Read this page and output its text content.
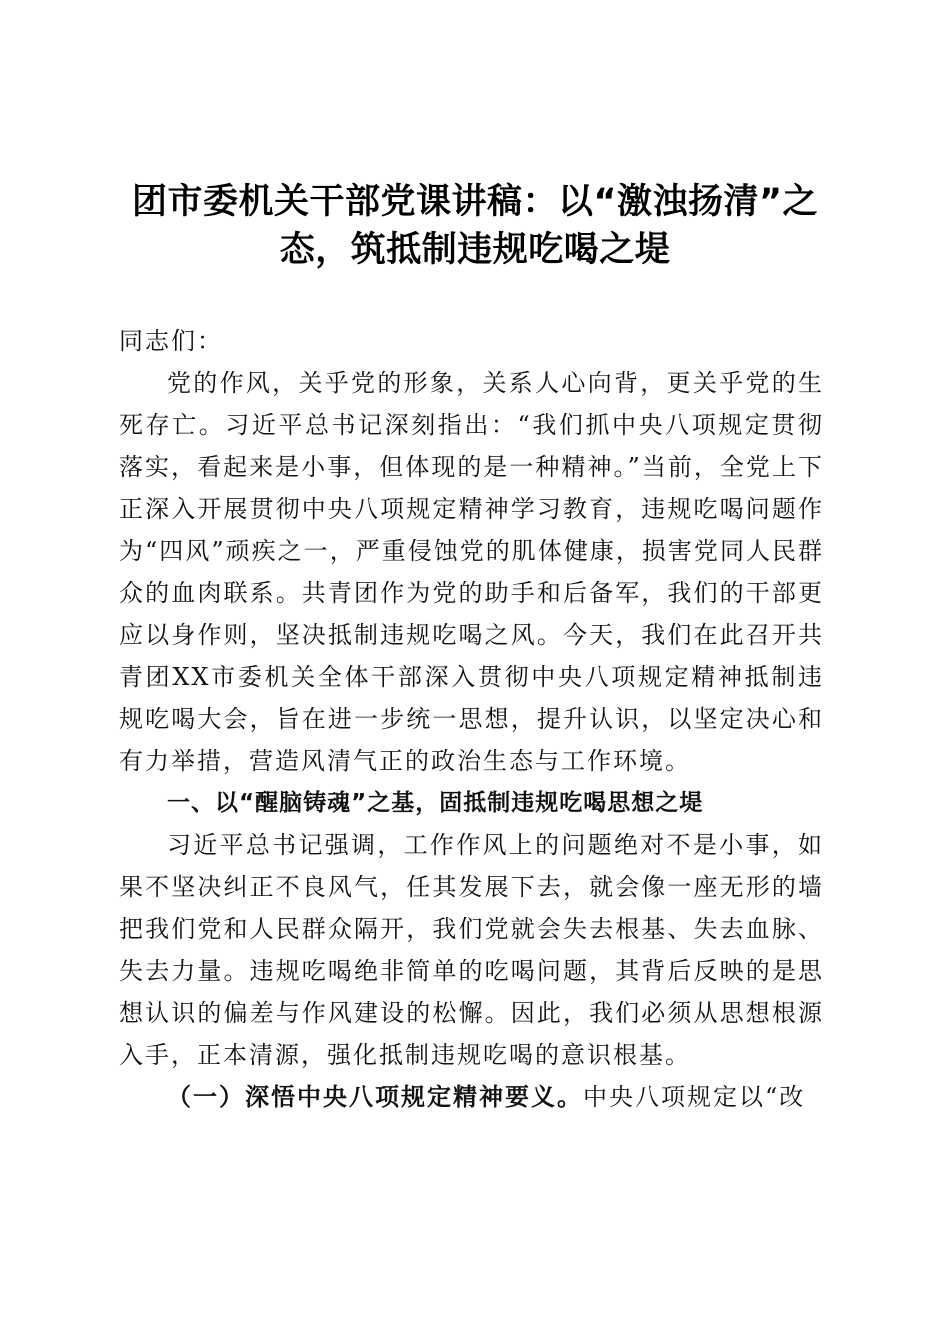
团市委机关干部党课讲稿：以“激浊扬清”之
态，筑抵制违规吃喝之堤

同志们：

党的作风，关乎党的形象，关系人心向背，更关乎党的生死存亡。习近平总书记深刻指出：“我们抓中央八项规定贯彻落实，看起来是小事，但体现的是一种精神。”当前，全党上下正深入开展贯彻中央八项规定精神学习教育，违规吃喝问题作为“四风”顽疾之一，严重侵蚀党的肌体健康，损害党同人民群众的血肉联系。共青团作为党的助手和后备军，我们的干部更应以身作则，坚决抵制违规吃喝之风。今天，我们在此召开共青团XX市委机关全体干部深入贯彻中央八项规定精神抵制违规吃喝大会，旨在进一步统一思想，提升认识，以坚定决心和有力举措，营造风清气正的政治生态与工作环境。

一、以“醒脑铸魂”之基，固抵制违规吃喝思想之堤

习近平总书记强调，工作作风上的问题绝对不是小事，如果不坚决纠正不良风气，任其发展下去，就会像一座无形的墙把我们党和人民群众隔开，我们党就会失去根基、失去血脉、失去力量。违规吃喝绝非简单的吃喝问题，其背后反映的是思想认识的偏差与作风建设的松懈。因此，我们必须从思想根源入手，正本清源，强化抵制违规吃喝的意识根基。

（一）深悟中央八项规定精神要义。中央八项规定以“改
